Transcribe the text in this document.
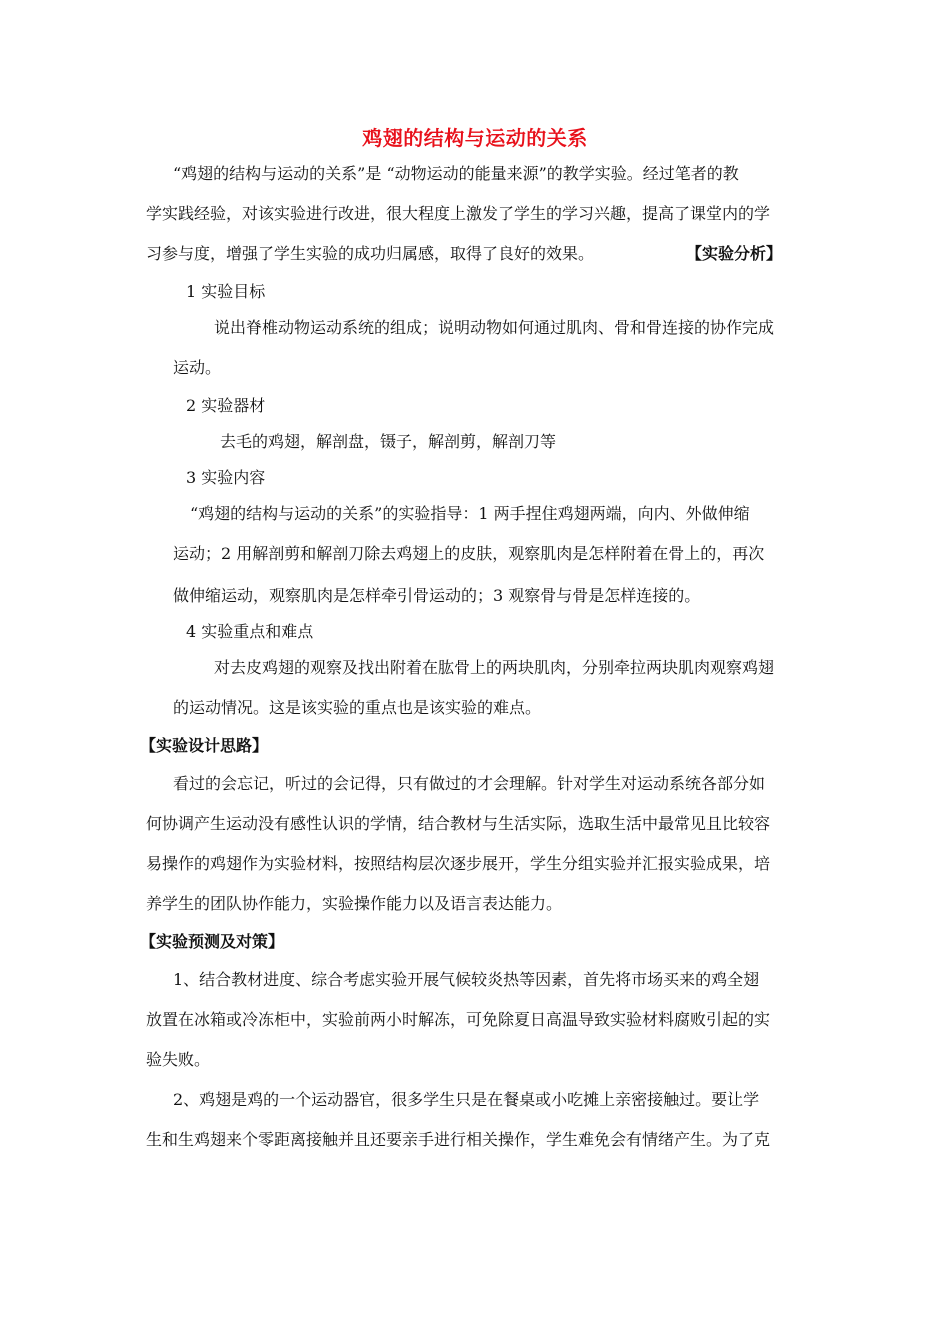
鸡翅的结构与运动的关系
“鸡翅的结构与运动的关系”是 “动物运动的能量来源”的教学实验。经过笔者的教
学实践经验，对该实验进行改进，很大程度上激发了学生的学习兴趣，提高了课堂内的学
习参与度，增强了学生实验的成功归属感，取得了良好的效果。	【实验分析】
1 实验目标
说出脊椎动物运动系统的组成；说明动物如何通过肌肉、骨和骨连接的协作完成
运动。
2 实验器材
去毛的鸡翅，解剖盘，镊子，解剖剪，解剖刀等
3 实验内容
“鸡翅的结构与运动的关系”的实验指导：1 两手捏住鸡翅两端，向内、外做伸缩
运动；2 用解剖剪和解剖刀除去鸡翅上的皮肤，观察肌肉是怎样附着在骨上的，再次
做伸缩运动，观察肌肉是怎样牵引骨运动的；3 观察骨与骨是怎样连接的。
4 实验重点和难点
对去皮鸡翅的观察及找出附着在肱骨上的两块肌肉，分别牵拉两块肌肉观察鸡翅
的运动情况。这是该实验的重点也是该实验的难点。
【实验设计思路】
看过的会忘记，听过的会记得，只有做过的才会理解。针对学生对运动系统各部分如
何协调产生运动没有感性认识的学情，结合教材与生活实际，选取生活中最常见且比较容
易操作的鸡翅作为实验材料，按照结构层次逐步展开，学生分组实验并汇报实验成果，培
养学生的团队协作能力，实验操作能力以及语言表达能力。
【实验预测及对策】
1、结合教材进度、综合考虑实验开展气候较炎热等因素，首先将市场买来的鸡全翅
放置在冰箱或冷冻柜中，实验前两小时解冻，可免除夏日高温导致实验材料腐败引起的实
验失败。
2、鸡翅是鸡的一个运动器官，很多学生只是在餐桌或小吃摊上亲密接触过。要让学
生和生鸡翅来个零距离接触并且还要亲手进行相关操作，学生难免会有情绪产生。为了克
